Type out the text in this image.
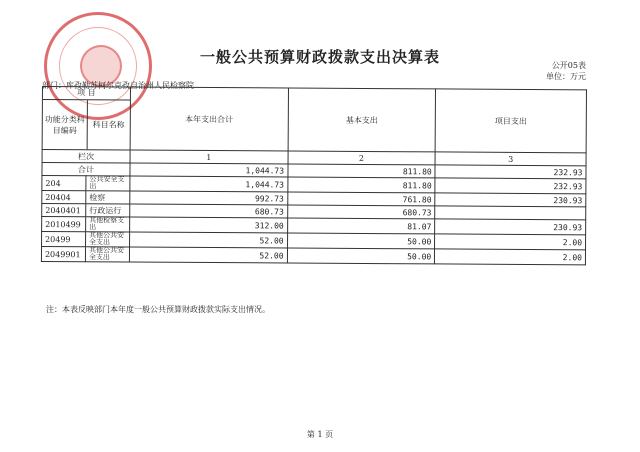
一般公共预算财政拨款支出决算表	公开05表
单位：万元
部门：库孜勒苏柯尔克孜自治州人民检察院
项 目
功能分类科目编码
科目名称		本年支出合计	基本支出	项目支出
栏次		1	2	3
合计		1,044.73	811.80	232.93
204	公共安全支出	1,044.73	811.80	232.93
20404	检察	992.73	761.80	230.93
2040401	行政运行	680.73	680.73	
2010499	其他检察支出	312.00	81.07	230.93
20499	其他公共安全支出	52.00	50.00	2.00
2049901	其他公共安全支出	52.00	50.00	2.00
注：本表反映部门本年度一般公共预算财政拨款实际支出情况。
第 1 页
